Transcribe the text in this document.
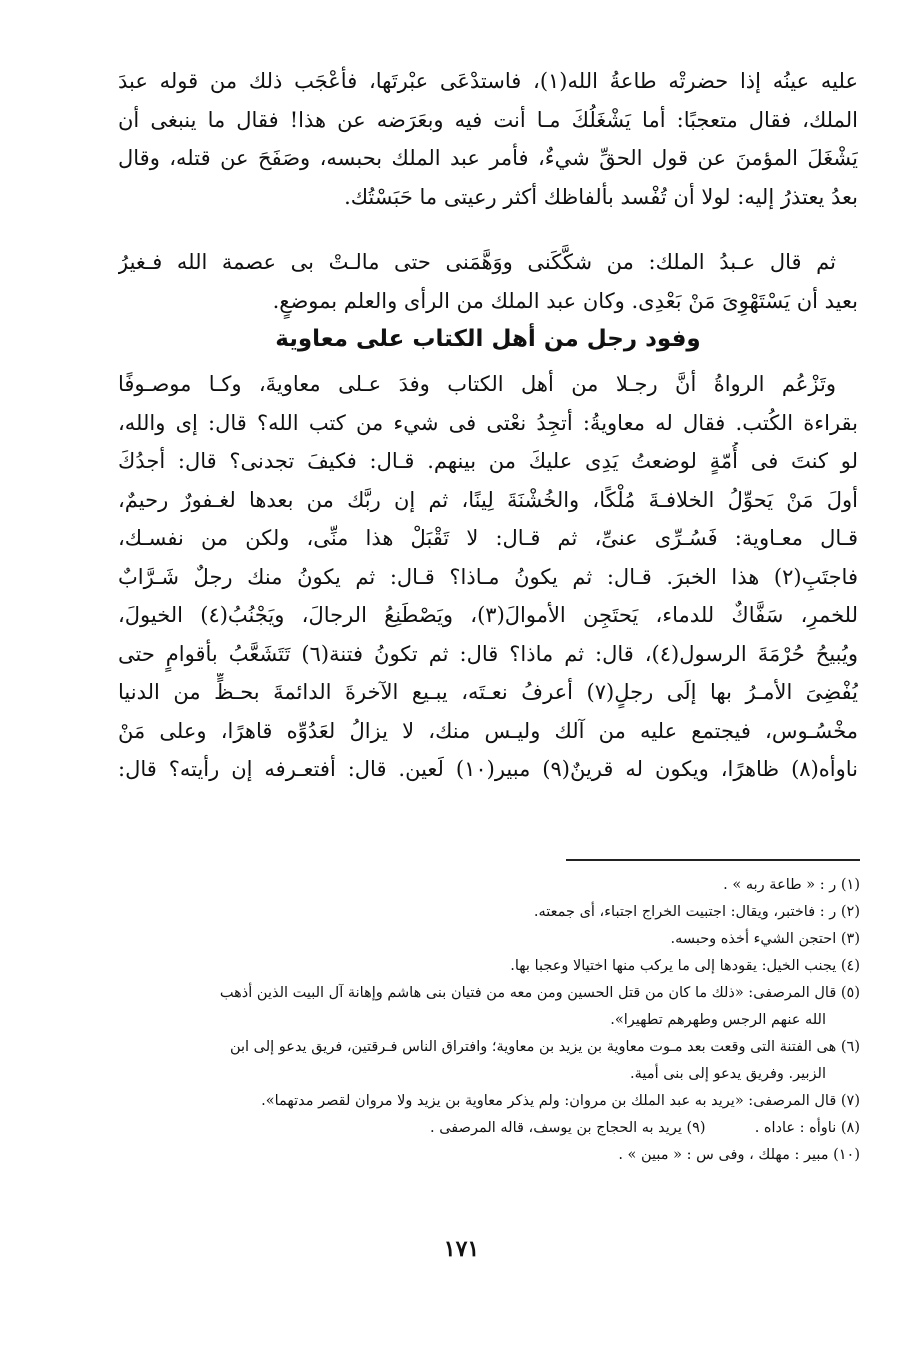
عليه عينُه إذا حضرتْه طاعةُ الله(١)، فاستدْعَى عبْرتَها، فأعْجَب ذلك من قوله عبدَ
الملك، فقال متعجبًا: أما يَشْغَلُكَ مـا أنت فيه وبعَرَضه عن هذا! فقال ما ينبغى أن
يَشْغَلَ المؤمنَ عن قول الحقِّ شيءٌ، فأمر عبد الملك بحبسه، وصَفَحَ عن قتله، وقال
بعدُ يعتذرُ إليه: لولا أن تُفْسد بألفاظك أكثر رعيتى ما حَبَسْتُك.
ثم قال عـبدُ الملك: من شكَّكَنى ووَهَّمَنى حتى مالـتْ بى عصمة الله فـغيرُ
بعيد أن يَسْتَهْوِىَ مَنْ بَعْدِى. وكان عبد الملك من الرأى والعلم بموضعٍ.
وفود رجل من أهل الكتاب على معاوية
وتَزْعُم الرواةُ أنَّ رجـلا من أهل الكتاب وفدَ عـلى معاويةَ، وكـا موصـوفًا
بقراءة الكُتب. فقال له معاويةُ: أتجِدُ نعْتى فى شيء من كتب الله؟ قال: إى والله،
لو كنتَ فى أُمّةٍ لوضعتُ يَدِى عليكَ من بينهم. قـال: فكيفَ تجدنى؟ قال: أجدُكَ
أولَ مَنْ يَحوِّلُ الخلافـةَ مُلْكًا، والخُشْنَةَ لِينًا، ثم إن ربَّك من بعدها لغـفورٌ رحيمٌ،
قـال معـاوية: فَسُـرِّى عنىِّ، ثم قـال: لا تَقْبَلْ هذا منِّى، ولكن من نفسـك،
فاجتَبِ(٢) هذا الخبرَ. قـال: ثم يكونُ مـاذا؟ قـال: ثم يكونُ منك رجلٌ شَـرَّابٌ
للخمرِ، سَفَّاكٌ للدماء، يَحتَجِن الأموالَ(٣)، ويَصْطَنِعُ الرجالَ، ويَجْنُبُ(٤) الخيولَ،
ويُبيحُ حُرْمَةَ الرسول(٤)، قال: ثم ماذا؟ قال: ثم تكونُ فتنة(٦) تَتَشَعَّبُ بأقوامٍ حتى
يُفْضِىَ الأمـرُ بها إلَى رجلٍ(٧) أعرفُ نعـتَه، يبـيع الآخرةَ الدائمةَ بحـظٍّ من الدنيا
مخْسُـوس، فيجتمع عليه من آلك وليـس منك، لا يزالُ لعَدُوِّه قاهرًا، وعلى مَنْ
ناوأه(٨) ظاهرًا، ويكون له قرينٌ(٩) مبير(١٠) لَعين. قال: أفتعـرفه إن رأيته؟ قال:
(١) ر : « طاعة ربه » .
(٢) ر : فاختبر، ويقال: اجتبيت الخراج اجتباء، أى جمعته.
(٣) احتجن الشيء أخذه وحبسه.
(٤) يجنب الخيل: يقودها إلى ما يركب منها اختيالا وعجبا بها.
(٥) قال المرصفى: «ذلك ما كان من قتل الحسين ومن معه من فتيان بنى هاشم وإهانة آل البيت الذين أذهب
الله عنهم الرجس وطهرهم تطهيرا».
(٦) هى الفتنة التى وقعت بعد مـوت معاوية بن يزيد بن معاوية؛ وافتراق الناس فـرقتين، فريق يدعو إلى ابن
الزبير. وفريق يدعو إلى بنى أمية.
(٧) قال المرصفى: «يريد به عبد الملك بن مروان: ولم يذكر معاوية بن يزيد ولا مروان لقصر مدتهما».
(٨) ناوأه : عاداه .
(٩) يريد به الحجاج بن يوسف، قاله المرصفى .
(١٠) مبير : مهلك ، وفى س : « مبين » .
١٧١
